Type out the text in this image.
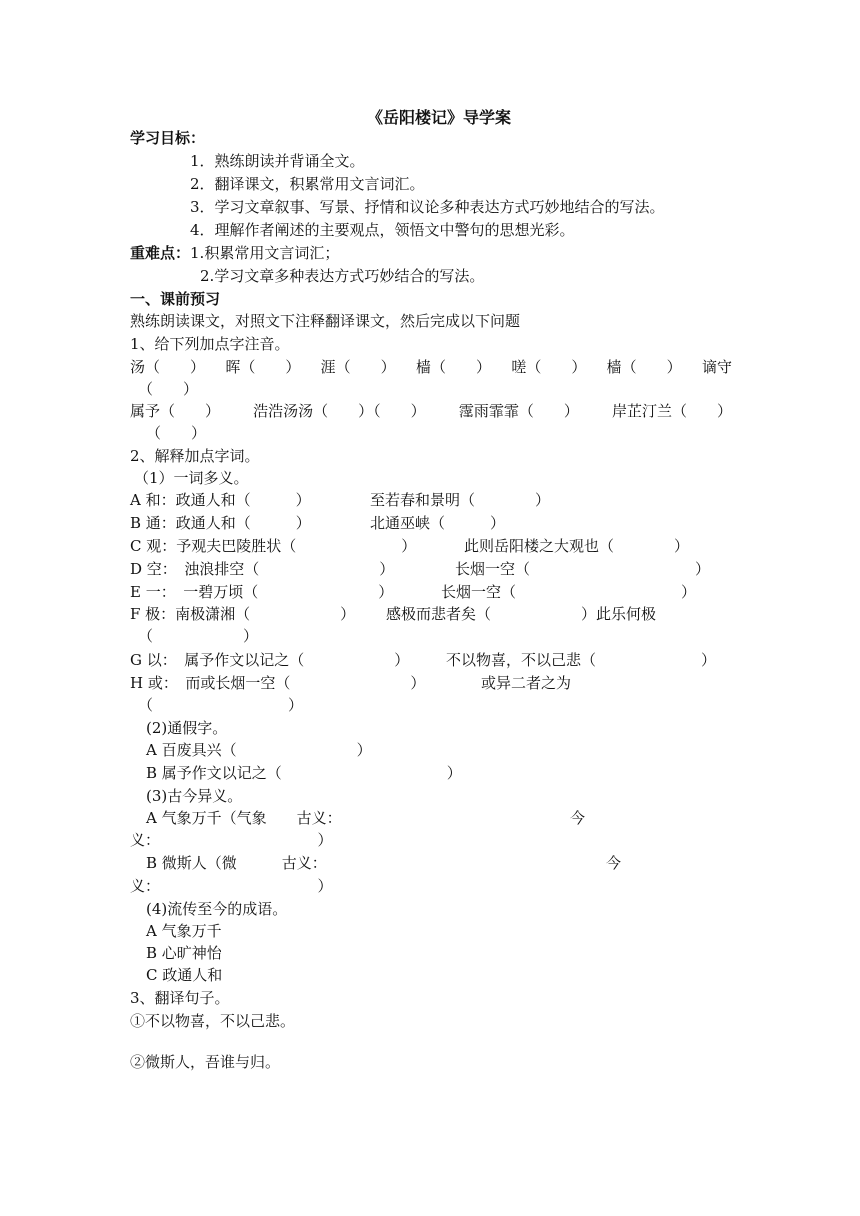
《岳阳楼记》导学案
学习目标：
1．熟练朗读并背诵全文。
2．翻译课文，积累常用文言词汇。
3．学习文章叙事、写景、抒情和议论多种表达方式巧妙地结合的写法。
4．理解作者阐述的主要观点，领悟文中警句的思想光彩。
重难点：1.积累常用文言词汇；
2.学习文章多种表达方式巧妙结合的写法。
一、课前预习
熟练朗读课文，对照文下注释翻译课文，然后完成以下问题
1、给下列加点字注音。
汤（　　） 晖（　　） 涯（　　） 樯（　　） 嗟（　　） 樯（　　） 谪守
（　　）
属予（　　） 浩浩汤汤（　　）（　　） 霪雨霏霏（　　） 岸芷汀兰（　　）
（　　）
2、解释加点字词。
（1）一词多义。
A 和：政通人和（　　　）	至若春和景明（　　　　）
B 通：政通人和（　　　）	北通巫峡（　　　）
C 观：予观夫巴陵胜状（　　　　　　　）	此则岳阳楼之大观也（　　　　）
D 空：　浊浪排空（　　　　　　　　）	长烟一空（　　　　　　　　　　　）
E 一：　一碧万顷（　　　　　　　　）	长烟一空（　　　　　　　　　　　）
F 极：南极潇湘（　　　　　　） 感极而悲者矣（　　　　　　）此乐何极
（　　　　　　）
G 以：　属予作文以记之（　　　　　　） 不以物喜，不以己悲（　　　　　　　）
H 或：　而或长烟一空（　　　　　　　　）	或异二者之为
（　　　　　　　　　）
(2)通假字。
A 百废具兴（　　　　　　　　）
B 属予作文以记之（　　　　　　　　　　　）
(3)古今异义。
A 气象万千（气象　　古义：	今
义：　　　　　　　　　　　）
B 微斯人（微　　　古义：	今
义：　　　　　　　　　　　）
(4)流传至今的成语。
A 气象万千
B 心旷神怡
C 政通人和
3、翻译句子。
①不以物喜，不以己悲。
②微斯人，吾谁与归。
